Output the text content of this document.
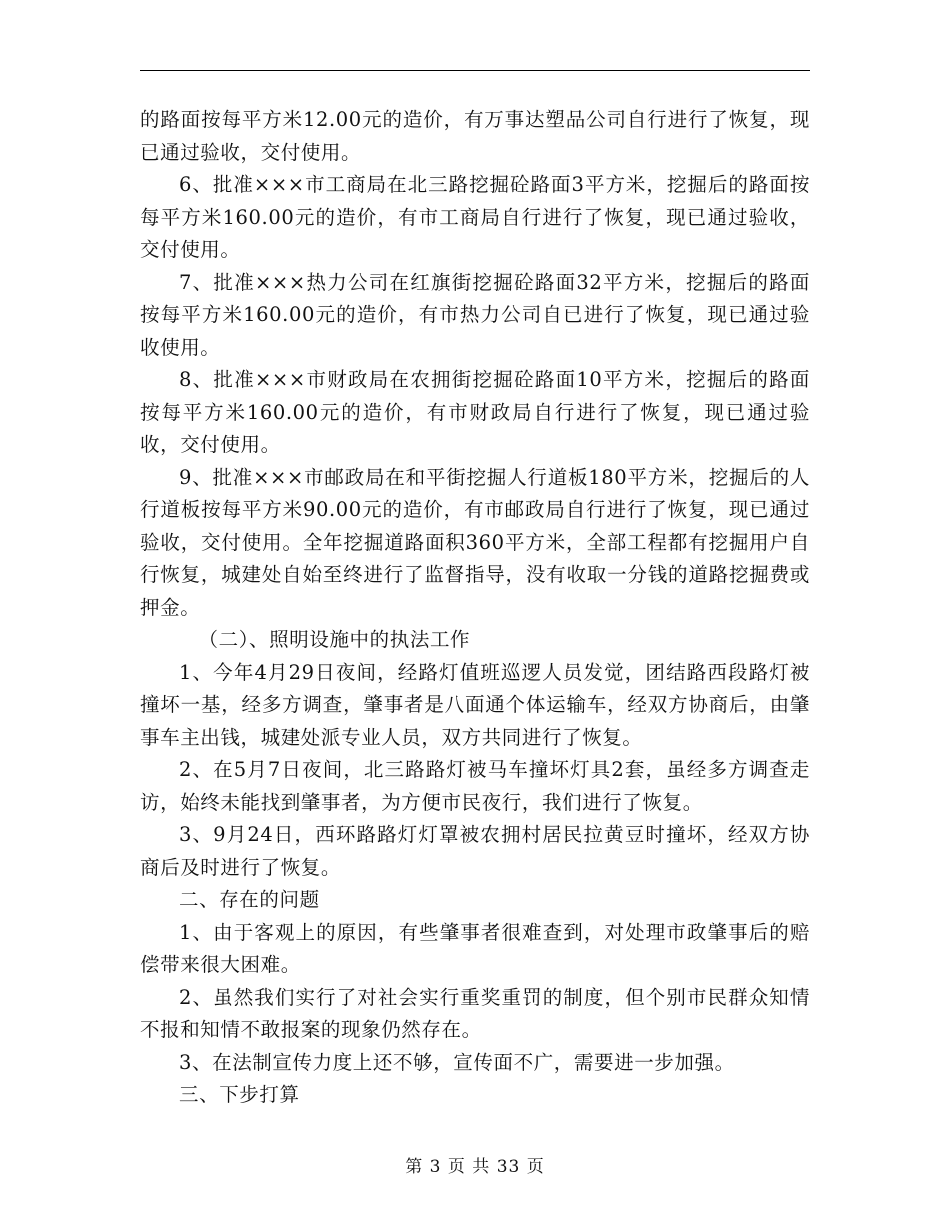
的路面按每平方米12.00元的造价，有万事达塑品公司自行进行了恢复，现已通过验收，交付使用。

6、批准×××市工商局在北三路挖掘砼路面3平方米，挖掘后的路面按每平方米160.00元的造价，有市工商局自行进行了恢复，现已通过验收，交付使用。

7、批准×××热力公司在红旗街挖掘砼路面32平方米，挖掘后的路面按每平方米160.00元的造价，有市热力公司自已进行了恢复，现已通过验收使用。

8、批准×××市财政局在农拥街挖掘砼路面10平方米，挖掘后的路面按每平方米160.00元的造价，有市财政局自行进行了恢复，现已通过验收，交付使用。

9、批准×××市邮政局在和平街挖掘人行道板180平方米，挖掘后的人行道板按每平方米90.00元的造价，有市邮政局自行进行了恢复，现已通过验收，交付使用。全年挖掘道路面积360平方米，全部工程都有挖掘用户自行恢复，城建处自始至终进行了监督指导，没有收取一分钱的道路挖掘费或押金。

（二）、照明设施中的执法工作

1、今年4月29日夜间，经路灯值班巡逻人员发觉，团结路西段路灯被撞坏一基，经多方调查，肇事者是八面通个体运输车，经双方协商后，由肇事车主出钱，城建处派专业人员，双方共同进行了恢复。

2、在5月7日夜间，北三路路灯被马车撞坏灯具2套，虽经多方调查走访，始终未能找到肇事者，为方便市民夜行，我们进行了恢复。

3、9月24日，西环路路灯灯罩被农拥村居民拉黄豆时撞坏，经双方协商后及时进行了恢复。

二、存在的问题

1、由于客观上的原因，有些肇事者很难查到，对处理市政肇事后的赔偿带来很大困难。

2、虽然我们实行了对社会实行重奖重罚的制度，但个别市民群众知情不报和知情不敢报案的现象仍然存在。

3、在法制宣传力度上还不够，宣传面不广，需要进一步加强。

三、下步打算

第 3 页 共 33 页
